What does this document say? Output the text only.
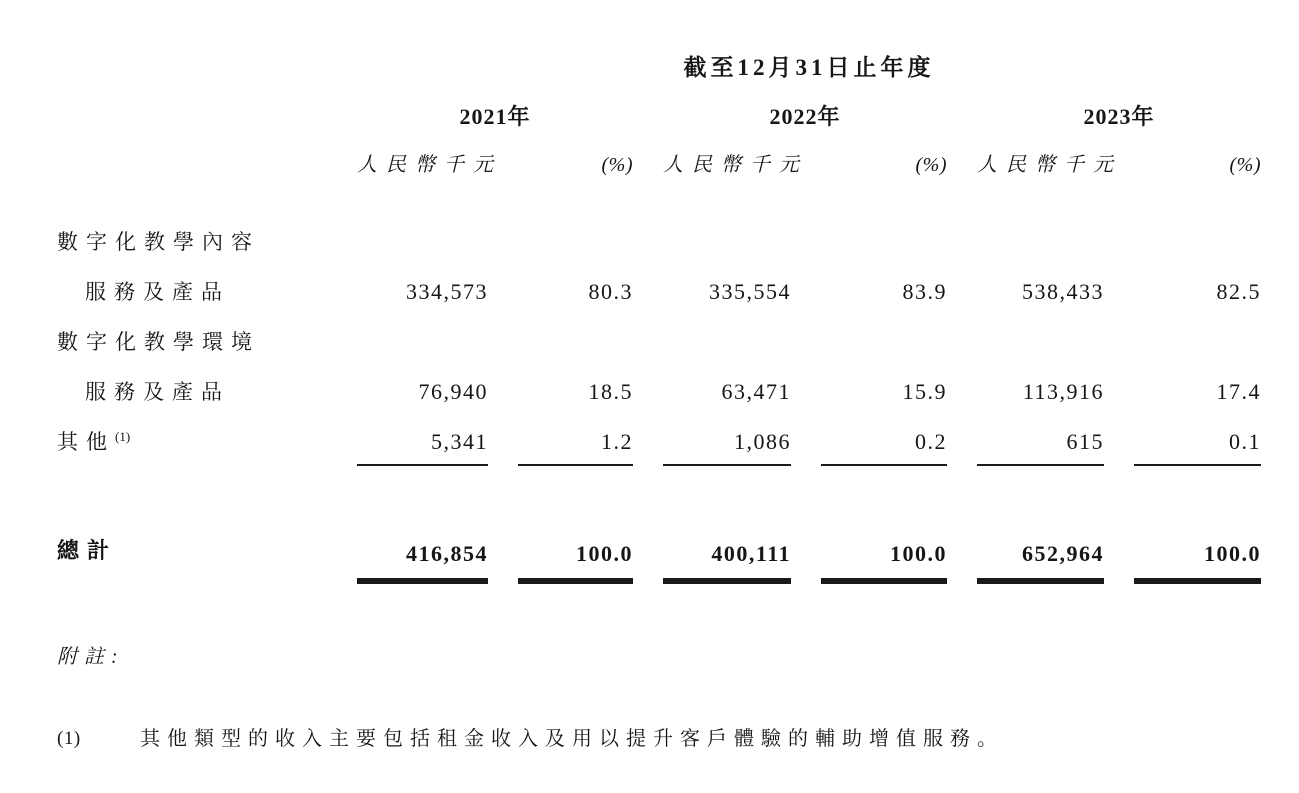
截至12月31日止年度
2021年	2022年	2023年
人民幣千元	(%) 人民幣千元	(%) 人民幣千元	(%)
數字化教學內容
服務及產品	334,573	80.3	335,554	83.9	538,433	82.5
數字化教學環境
服務及產品	76,940	18.5	63,471	15.9	113,916	17.4
其他$^{(1)}$	5,341	1.2	1,086	0.2	615	0.1
總計	416,854	100.0	400,111	100.0	652,964	100.0
附註:
(1)	其他類型的收入主要包括租金收入及用以提升客戶體驗的輔助增值服務。
